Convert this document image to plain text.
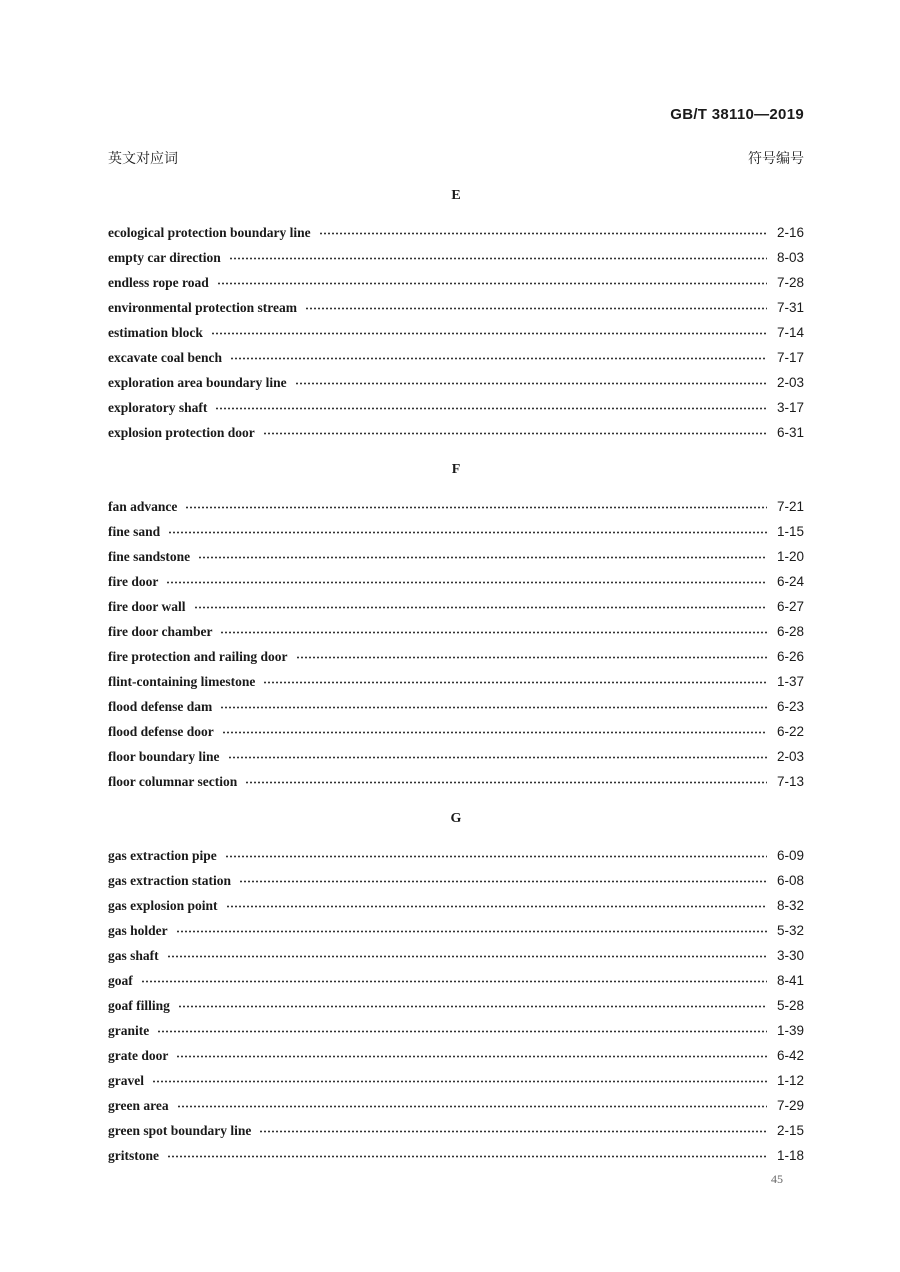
GB/T 38110—2019
英文对应词	符号编号
E
ecological protection boundary line	2-16
empty car direction	8-03
endless rope road	7-28
environmental protection stream	7-31
estimation block	7-14
excavate coal bench	7-17
exploration area boundary line	2-03
exploratory shaft	3-17
explosion protection door	6-31
F
fan advance	7-21
fine sand	1-15
fine sandstone	1-20
fire door	6-24
fire door wall	6-27
fire door chamber	6-28
fire protection and railing door	6-26
flint-containing limestone	1-37
flood defense dam	6-23
flood defense door	6-22
floor boundary line	2-03
floor columnar section	7-13
G
gas extraction pipe	6-09
gas extraction station	6-08
gas explosion point	8-32
gas holder	5-32
gas shaft	3-30
goaf	8-41
goaf filling	5-28
granite	1-39
grate door	6-42
gravel	1-12
green area	7-29
green spot boundary line	2-15
gritstone	1-18
45
